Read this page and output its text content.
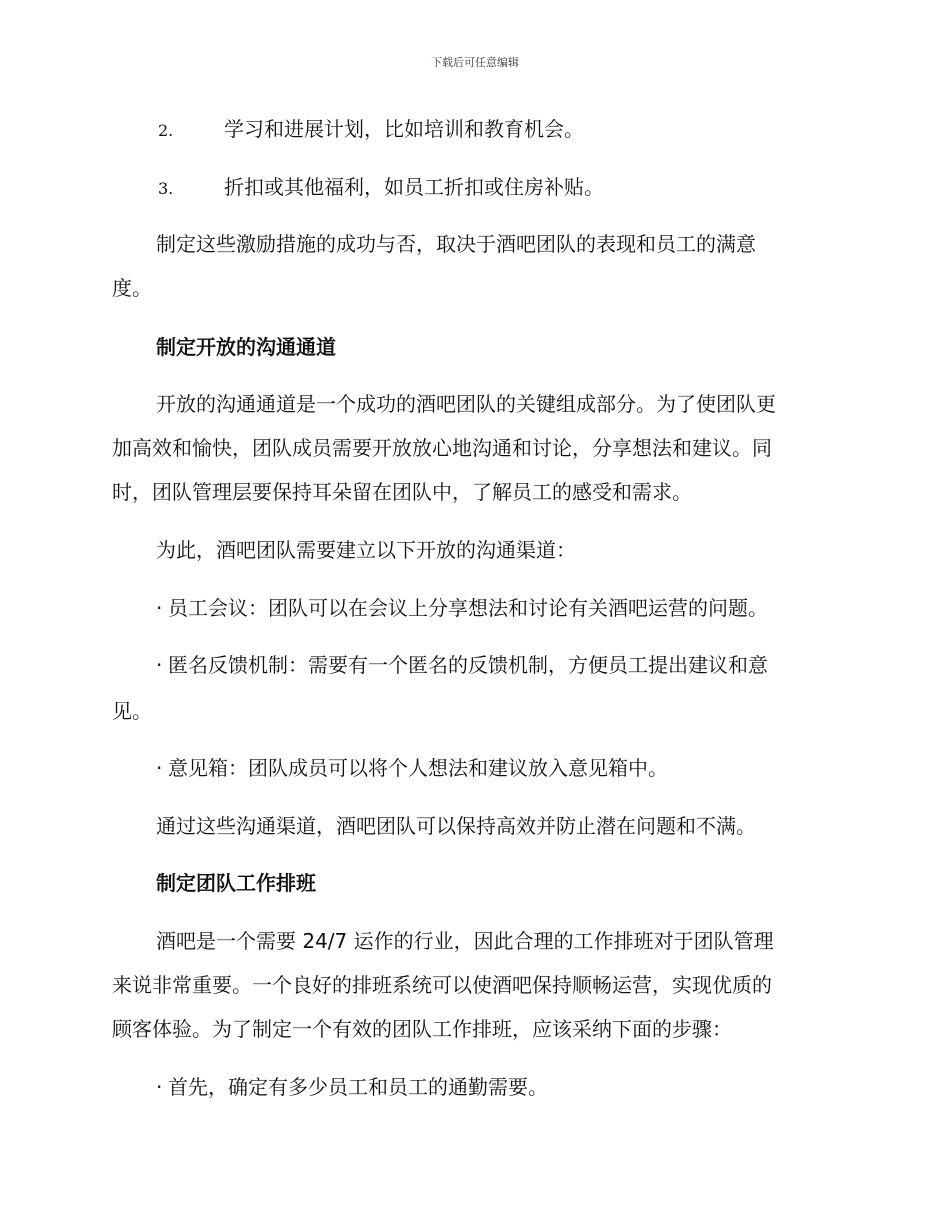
下载后可任意编辑
2.	学习和进展计划，比如培训和教育机会。
3.	折扣或其他福利，如员工折扣或住房补贴。
制定这些激励措施的成功与否，取决于酒吧团队的表现和员工的满意
度。
制定开放的沟通通道
开放的沟通通道是一个成功的酒吧团队的关键组成部分。为了使团队更
加高效和愉快，团队成员需要开放放心地沟通和讨论，分享想法和建议。同
时，团队管理层要保持耳朵留在团队中，了解员工的感受和需求。
为此，酒吧团队需要建立以下开放的沟通渠道：
· 员工会议：团队可以在会议上分享想法和讨论有关酒吧运营的问题。
· 匿名反馈机制：需要有一个匿名的反馈机制，方便员工提出建议和意
见。
· 意见箱：团队成员可以将个人想法和建议放入意见箱中。
通过这些沟通渠道，酒吧团队可以保持高效并防止潜在问题和不满。
制定团队工作排班
酒吧是一个需要 24/7 运作的行业，因此合理的工作排班对于团队管理
来说非常重要。一个良好的排班系统可以使酒吧保持顺畅运营，实现优质的
顾客体验。为了制定一个有效的团队工作排班，应该采纳下面的步骤：
· 首先，确定有多少员工和员工的通勤需要。
